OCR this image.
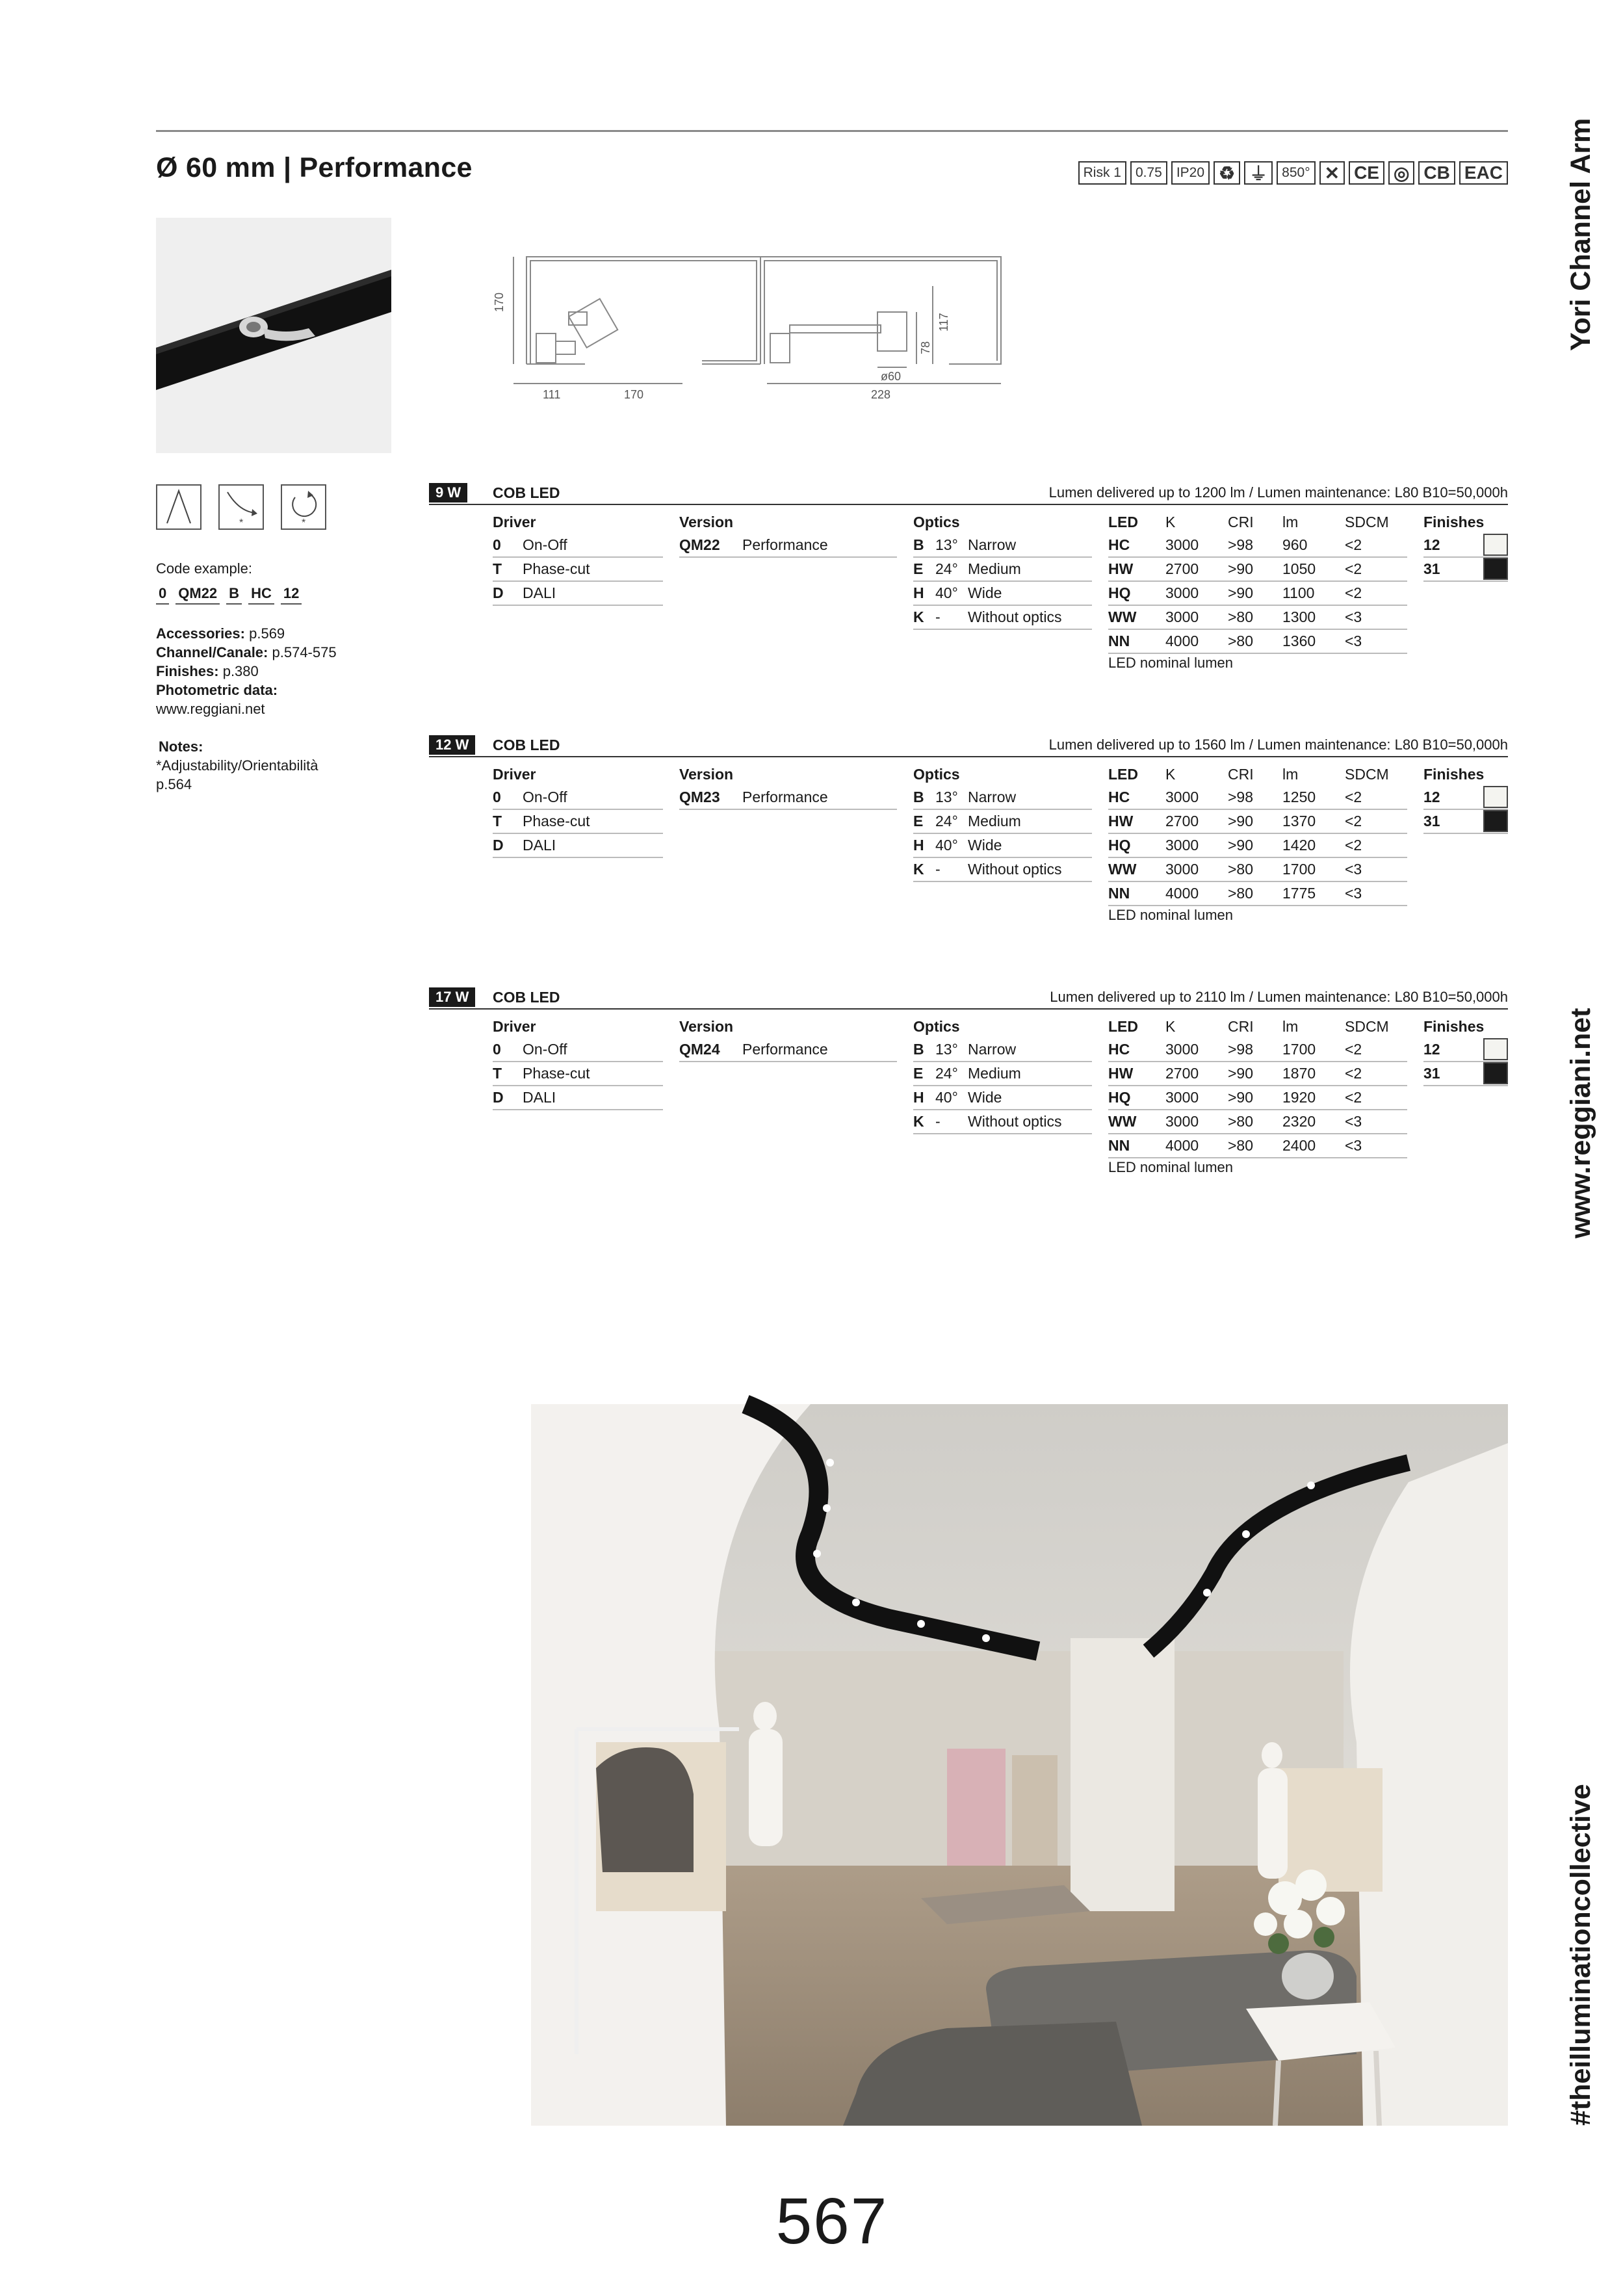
Ø 60 mm | Performance	Risk 1 0.75 IP20 ♻ ⏚ 850° ✕ CE ◎ CB EAC Yori Channel Arm
www.reggiani.net
#theilluminationcollective
170
111	170
117
78
ø60
228
*	*
Code example:
0 QM22 B HC 12
Accessories: p.569
Channel/Canale: p.574-575
Finishes: p.380
Photometric data:
www.reggiani.net
Notes:
*Adjustability/Orientabilità
p.564
9 W	COB LED	Lumen delivered up to 1200 lm / Lumen maintenance: L80 B10=50,000h
Driver
0	On-Off
T	Phase-cut
D	DALI
Version
QM22	Performance
Optics
B 13° Narrow
E 24° Medium
H 40° Wide
K -	Without optics
LED	K	CRI	lm	SDCM
HC	3000	>98	960	<2
HW	2700	>90	1050	<2
HQ	3000	>90	1100	<2
WW	3000	>80	1300	<3
NN	4000	>80	1360	<3
LED nominal lumen
Finishes
12
31
12 W	COB LED	Lumen delivered up to 1560 lm / Lumen maintenance: L80 B10=50,000h
Driver
0	On-Off
T	Phase-cut
D	DALI
Version
QM23	Performance
Optics
B 13° Narrow
E 24° Medium
H 40° Wide
K -	Without optics
LED	K	CRI	lm	SDCM
HC	3000	>98	1250	<2
HW	2700	>90	1370	<2
HQ	3000	>90	1420	<2
WW	3000	>80	1700	<3
NN	4000	>80	1775	<3
LED nominal lumen
Finishes
12
31
17 W	COB LED	Lumen delivered up to 2110 lm / Lumen maintenance: L80 B10=50,000h
Driver
0	On-Off
T	Phase-cut
D	DALI
Version
QM24	Performance
Optics
B 13° Narrow
E 24° Medium
H 40° Wide
K -	Without optics
LED	K	CRI	lm	SDCM
HC	3000	>98	1700	<2
HW	2700	>90	1870	<2
HQ	3000	>90	1920	<2
WW	3000	>80	2320	<3
NN	4000	>80	2400	<3
LED nominal lumen
Finishes
12
31
567
